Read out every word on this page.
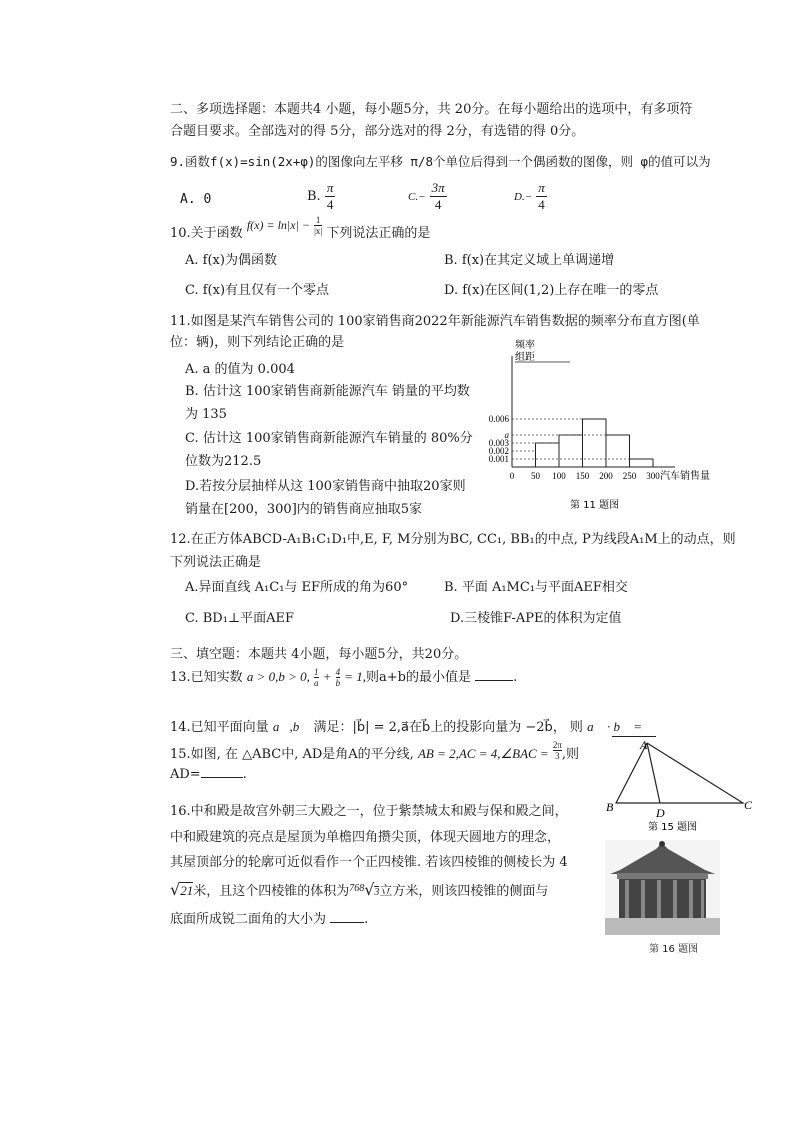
二、多项选择题：本题共4 小题，每小题5分，共 20分。在每小题给出的选项中，有多项符
合题目要求。全部选对的得 5分，部分选对的得 2分，有选错的得 0分。
9.函数f(x)=sin(2x+φ)的图像向左平移 π/8个单位后得到一个偶函数的图像，则 φ的值可以为
A. 0	B. $\frac{\pi}{4}$	$C.- \frac{3\pi}{4}$	$D.- \frac{\pi}{4}$
10.关于函数 $f(x) = \ln|x| - \frac{1}{|x|}$ 下列说法正确的是
A. f(x)为偶函数	B. f(x)在其定义域上单调递增
C. f(x)有且仅有一个零点	D. f(x)在区间(1,2)上存在唯一的零点
11.如图是某汽车销售公司的 100家销售商2022年新能源汽车销售数据的频率分布直方图(单
位：辆)，则下列结论正确的是
A. a 的值为 0.004
B. 估计这 100家销售商新能源汽车 销量的平均数
为 135
C. 估计这 100家销售商新能源汽车销量的 80%分
位数为212.5
D.若按分层抽样从这 100家销售商中抽取20家则
销量在[200，300]内的销售商应抽取5家
频率
组距
0.006
a
0.003
0.002
0.001
0 50 100 150 200 250 300 汽车销售量
第 11 题图
12.在正方体ABCD-A₁B₁C₁D₁中,E, F, M分别为BC, CC₁, BB₁的中点, P为线段A₁M上的动点，则
下列说法正确是
A.异面直线 A₁C₁与 EF所成的角为60°	B. 平面 A₁MC₁与平面AEF相交
C. BD₁⊥平面AEF	D.三棱锥F-APE的体积为定值
三、填空题：本题共 4小题，每小题5分，共20分。
13.已知实数 a > 0,b > 0, $\frac{1}{a} + \frac{4}{b} = 1$,则a+b的最小值是	.
14.已知平面向量 a⃗,b⃗ 满足：|b⃗| = 2,a⃗在b⃗上的投影向量为 −2b⃗， 则 a⃗ · b⃗ =
15.如图, 在 △ABC中, AD是角A的平分线, AB = 2,AC = 4,∠BAC = $\frac{2\pi}{3}$ ,则
AD=	.
A
B	C
D
第 15 题图
16.中和殿是故宫外朝三大殿之一，位于紫禁城太和殿与保和殿之间，
中和殿建筑的亮点是屋顶为单檐四角攒尖顶，体现天圆地方的理念，
其屋顶部分的轮廓可近似看作一个正四棱锥. 若该四棱锥的侧棱长为 4
√21米，且这个四棱锥的体积为$^{768}$√3立方米，则该四棱锥的侧面与
底面所成锐二面角的大小为	.
第 16 题图
